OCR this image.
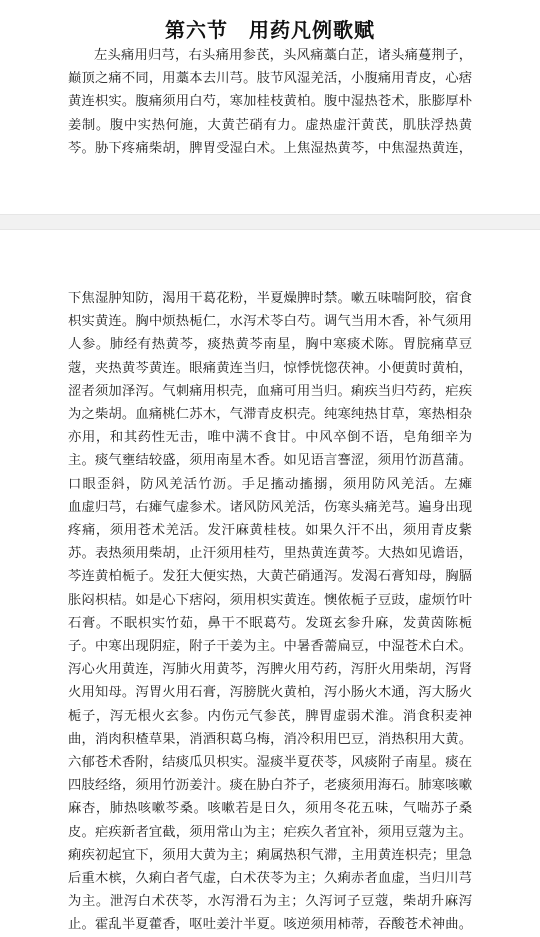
第六节　用药凡例歌赋
左头痛用归芎，右头痛用参芪，头风痛藁白芷，诸头痛蔓荆子，
巅顶之痛不同，用藁本去川芎。肢节风湿羌活，小腹痛用青皮，心痞
黄连枳实。腹痛须用白芍，寒加桂枝黄柏。腹中湿热苍术，胀膨厚朴
姜制。腹中实热何施，大黄芒硝有力。虚热虚汗黄芪，肌肤浮热黄
芩。胁下疼痛柴胡，脾胃受湿白术。上焦湿热黄芩，中焦湿热黄连，
下焦湿肿知防，渴用干葛花粉，半夏燥脾时禁。嗽五味喘阿胶，宿食
枳实黄连。胸中烦热栀仁，水泻术苓白芍。调气当用木香，补气须用
人参。肺经有热黄芩，痰热黄芩南星，胸中寒痰术陈。胃脘痛草豆
蔻，夹热黄芩黄连。眼痛黄连当归，惊悸恍惚茯神。小便黄时黄柏，
涩者须加泽泻。气刺痛用枳壳，血痛可用当归。痢疾当归芍药，疟疾
为之柴胡。血痛桃仁苏木，气滞青皮枳壳。纯寒纯热甘草，寒热相杂
亦用，和其药性无击，唯中满不食甘。中风卒倒不语，皂角细辛为
主。痰气壅结较盛，须用南星木香。如见语言謇涩，须用竹沥菖蒲。
口眼歪斜，防风羌活竹沥。手足搐动搐搦，须用防风羌活。左瘫
血虚归芎，右瘫气虚参术。诸风防风羌活，伤寒头痛羌芎。遍身出现
疼痛，须用苍术羌活。发汗麻黄桂枝。如果久汗不出，须用青皮紫
苏。表热须用柴胡，止汗须用桂芍，里热黄连黄芩。大热如见谵语，
芩连黄柏栀子。发狂大便实热，大黄芒硝通泻。发渴石膏知母，胸膈
胀闷枳桔。如是心下痞闷，须用枳实黄连。懊侬栀子豆豉，虚烦竹叶
石膏。不眠枳实竹茹，鼻干不眠葛芍。发斑玄参升麻，发黄茵陈栀
子。中寒出现阴症，附子干姜为主。中暑香薷扁豆，中湿苍术白术。
泻心火用黄连，泻肺火用黄芩，泻脾火用芍药，泻肝火用柴胡，泻肾
火用知母。泻胃火用石膏，泻膀胱火黄柏，泻小肠火木通，泻大肠火
栀子，泻无根火玄参。内伤元气参芪，脾胃虚弱术淮。消食积麦神
曲，消肉积楂草果，消酒积葛乌梅，消冷积用巴豆，消热积用大黄。
六郁苍术香附，结痰瓜贝枳实。湿痰半夏茯苓，风痰附子南星。痰在
四肢经络，须用竹沥姜汁。痰在胁白芥子，老痰须用海石。肺寒咳嗽
麻杏，肺热咳嗽芩桑。咳嗽若是日久，须用冬花五味，气喘苏子桑
皮。疟疾新者宜截，须用常山为主；疟疾久者宜补，须用豆蔻为主。
痢疾初起宜下，须用大黄为主；痢属热积气滞，主用黄连枳壳；里急
后重木槟，久痢白者气虚，白术茯苓为主；久痢赤者血虚，当归川芎
为主。泄泻白术茯苓，水泻滑石为主；久泻诃子豆蔻，柴胡升麻泻
止。霍乱半夏藿香，呕吐姜汁半夏。咳逆须用柿蒂，吞酸苍术神曲。
